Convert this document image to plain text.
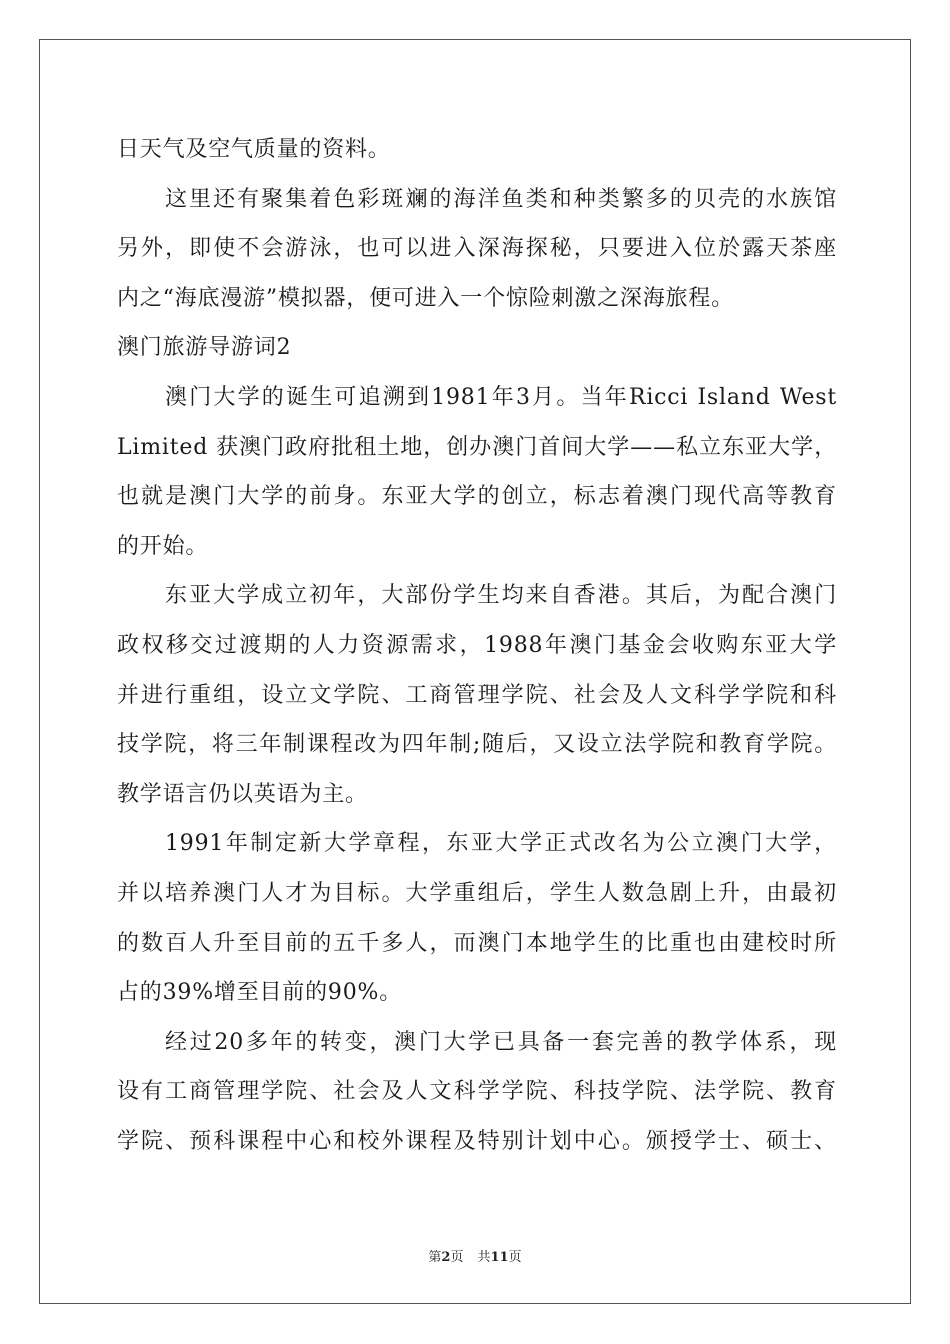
日天气及空气质量的资料。
这里还有聚集着色彩斑斓的海洋鱼类和种类繁多的贝壳的水族馆
另外，即使不会游泳，也可以进入深海探秘，只要进入位於露天茶座
内之“海底漫游”模拟器，便可进入一个惊险刺激之深海旅程。
澳门旅游导游词2
澳门大学的诞生可追溯到1981年3月。当年Ricci Island West
Limited 获澳门政府批租土地，创办澳门首间大学——私立东亚大学，
也就是澳门大学的前身。东亚大学的创立，标志着澳门现代高等教育
的开始。
东亚大学成立初年，大部份学生均来自香港。其后，为配合澳门
政权移交过渡期的人力资源需求，1988年澳门基金会收购东亚大学
并进行重组，设立文学院、工商管理学院、社会及人文科学学院和科
技学院，将三年制课程改为四年制;随后，又设立法学院和教育学院。
教学语言仍以英语为主。
1991年制定新大学章程，东亚大学正式改名为公立澳门大学，
并以培养澳门人才为目标。大学重组后，学生人数急剧上升，由最初
的数百人升至目前的五千多人，而澳门本地学生的比重也由建校时所
占的39%增至目前的90%。
经过20多年的转变，澳门大学已具备一套完善的教学体系，现
设有工商管理学院、社会及人文科学学院、科技学院、法学院、教育
学院、预科课程中心和校外课程及特别计划中心。颁授学士、硕士、
第2页 共11页
